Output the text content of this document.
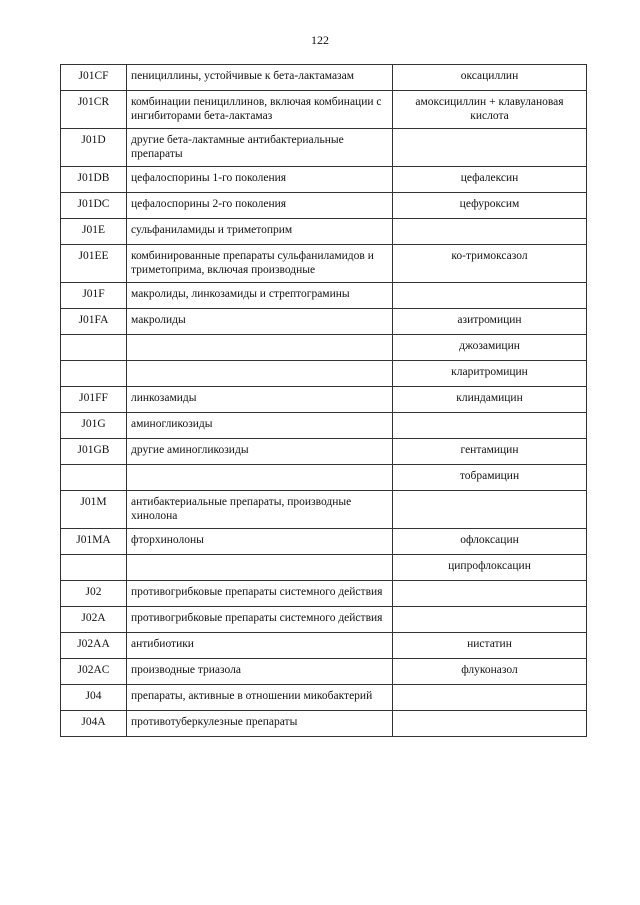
122
J01CF	пенициллины, устойчивые к бета-лактамазам	оксациллин
J01CR	комбинации пенициллинов, включая комбинации с ингибиторами бета-лактамаз	амоксициллин + клавулановая кислота
J01D	другие бета-лактамные антибактериальные препараты	
J01DB	цефалоспорины 1-го поколения	цефалексин
J01DC	цефалоспорины 2-го поколения	цефуроксим
J01E	сульфаниламиды и триметоприм	
J01EE	комбинированные препараты сульфаниламидов и триметоприма, включая производные	ко-тримоксазол
J01F	макролиды, линкозамиды и стрептограмины	
J01FA	макролиды	азитромицин
		джозамицин
		кларитромицин
J01FF	линкозамиды	клиндамицин
J01G	аминогликозиды	
J01GB	другие аминогликозиды	гентамицин
		тобрамицин
J01M	антибактериальные препараты, производные хинолона	
J01MA	фторхинолоны	офлоксацин
		ципрофлоксацин
J02	противогрибковые препараты системного действия	
J02A	противогрибковые препараты системного действия	
J02AA	антибиотики	нистатин
J02AC	производные триазола	флуконазол
J04	препараты, активные в отношении микобактерий	
J04A	противотуберкулезные препараты	
